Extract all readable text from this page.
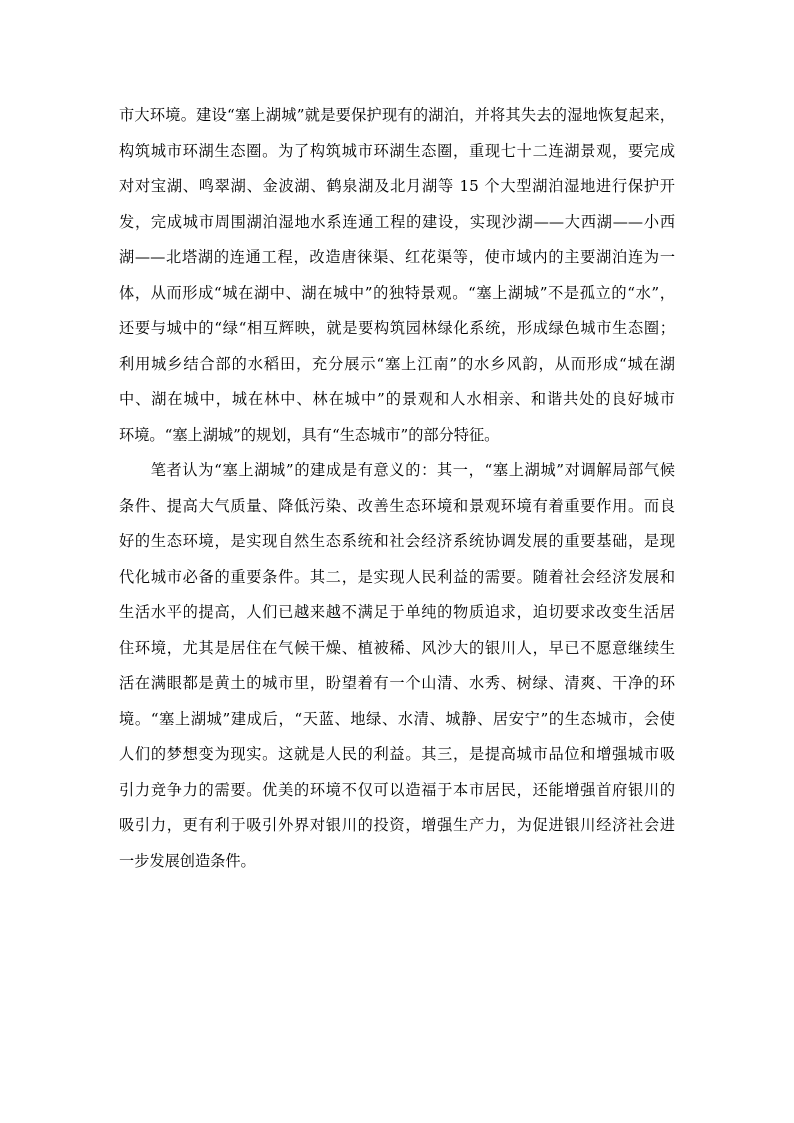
市大环境。建设“塞上湖城”就是要保护现有的湖泊，并将其失去的湿地恢复起来，
构筑城市环湖生态圈。为了构筑城市环湖生态圈，重现七十二连湖景观，要完成
对对宝湖、鸣翠湖、金波湖、鹤泉湖及北月湖等 15 个大型湖泊湿地进行保护开
发，完成城市周围湖泊湿地水系连通工程的建设，实现沙湖——大西湖——小西
湖——北塔湖的连通工程，改造唐徕渠、红花渠等，使市域内的主要湖泊连为一
体，从而形成“城在湖中、湖在城中”的独特景观。“塞上湖城”不是孤立的“水”，
还要与城中的“绿“相互辉映，就是要构筑园林绿化系统，形成绿色城市生态圈；
利用城乡结合部的水稻田，充分展示“塞上江南”的水乡风韵，从而形成“城在湖
中、湖在城中，城在林中、林在城中”的景观和人水相亲、和谐共处的良好城市
环境。“塞上湖城”的规划，具有“生态城市”的部分特征。
　　笔者认为“塞上湖城”的建成是有意义的：其一，“塞上湖城”对调解局部气候
条件、提高大气质量、降低污染、改善生态环境和景观环境有着重要作用。而良
好的生态环境，是实现自然生态系统和社会经济系统协调发展的重要基础，是现
代化城市必备的重要条件。其二，是实现人民利益的需要。随着社会经济发展和
生活水平的提高，人们已越来越不满足于单纯的物质追求，迫切要求改变生活居
住环境，尤其是居住在气候干燥、植被稀、风沙大的银川人，早已不愿意继续生
活在满眼都是黄土的城市里，盼望着有一个山清、水秀、树绿、清爽、干净的环
境。“塞上湖城”建成后，“天蓝、地绿、水清、城静、居安宁”的生态城市，会使
人们的梦想变为现实。这就是人民的利益。其三，是提高城市品位和增强城市吸
引力竞争力的需要。优美的环境不仅可以造福于本市居民，还能增强首府银川的
吸引力，更有利于吸引外界对银川的投资，增强生产力，为促进银川经济社会进
一步发展创造条件。
